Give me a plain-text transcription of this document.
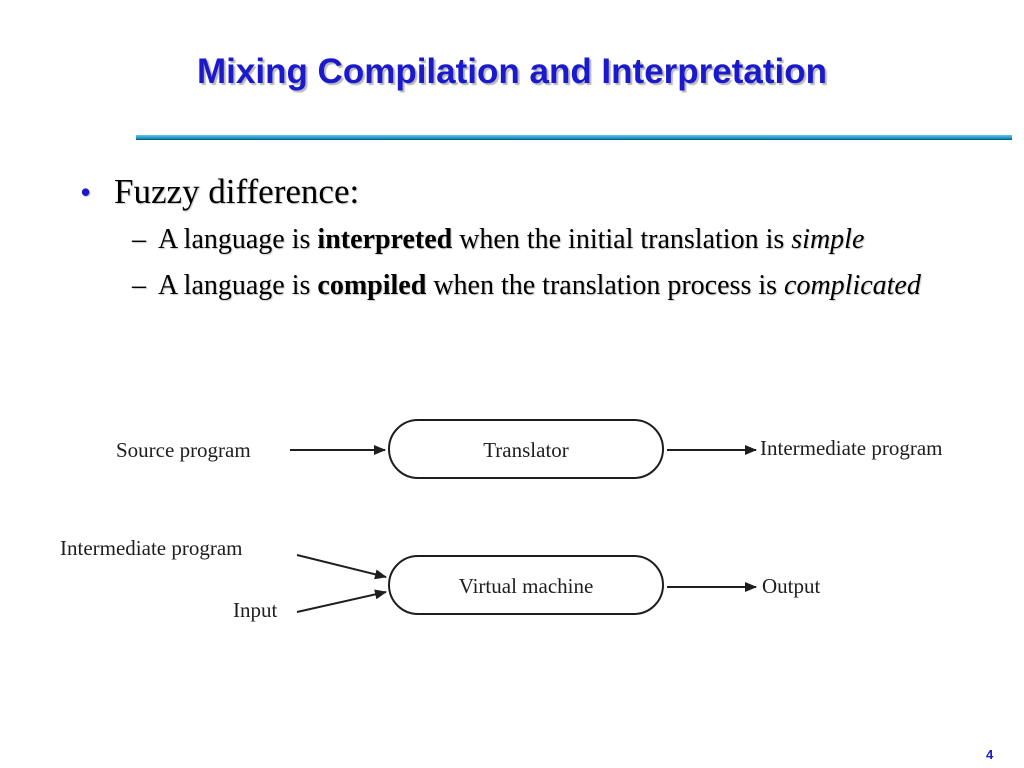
Mixing Compilation and Interpretation
• Fuzzy difference:
– A language is interpreted when the initial translation is simple
– A language is compiled when the translation process is complicated
Source program	Translator	Intermediate program
Intermediate program
Input
Virtual machine	Output
4
